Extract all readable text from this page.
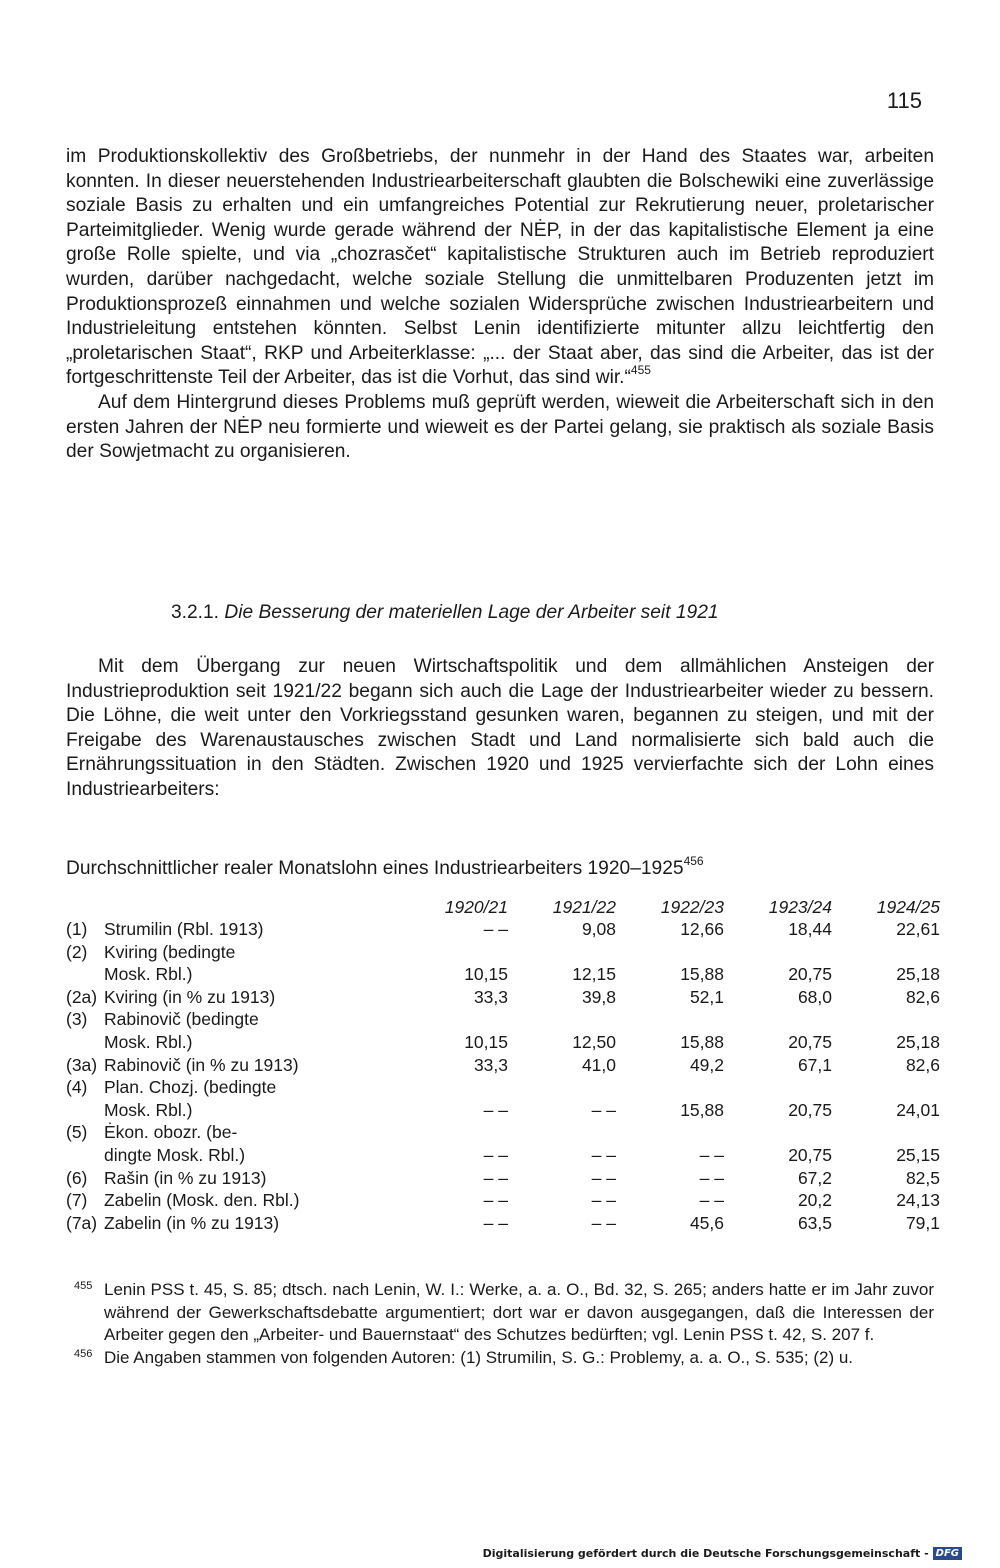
115

im Produktionskollektiv des Großbetriebs, der nunmehr in der Hand des Staates war, arbeiten konnten. In dieser neuerstehenden Industriearbeiterschaft glaubten die Bolschewiki eine zuverlässige soziale Basis zu erhalten und ein umfangreiches Potential zur Rekrutierung neuer, proletarischer Parteimitglieder. Wenig wurde gerade während der NĖP, in der das kapitalistische Element ja eine große Rolle spielte, und via „chozrasčet“ kapitalistische Strukturen auch im Betrieb reproduziert wurden, darüber nachgedacht, welche soziale Stellung die unmittelbaren Produzenten jetzt im Produktionsprozeß einnahmen und welche sozialen Widersprüche zwischen Industriearbeitern und Industrieleitung entstehen könnten. Selbst Lenin identifizierte mitunter allzu leichtfertig den „proletarischen Staat“, RKP und Arbeiterklasse: „... der Staat aber, das sind die Arbeiter, das ist der fortgeschrittenste Teil der Arbeiter, das ist die Vorhut, das sind wir.“$^{455}$

Auf dem Hintergrund dieses Problems muß geprüft werden, wieweit die Arbeiterschaft sich in den ersten Jahren der NĖP neu formierte und wieweit es der Partei gelang, sie praktisch als soziale Basis der Sowjetmacht zu organisieren.

3.2.1. Die Besserung der materiellen Lage der Arbeiter seit 1921

Mit dem Übergang zur neuen Wirtschaftspolitik und dem allmählichen Ansteigen der Industrieproduktion seit 1921/22 begann sich auch die Lage der Industriearbeiter wieder zu bessern. Die Löhne, die weit unter den Vorkriegsstand gesunken waren, begannen zu steigen, und mit der Freigabe des Warenaustausches zwischen Stadt und Land normalisierte sich bald auch die Ernährungssituation in den Städten. Zwischen 1920 und 1925 vervierfachte sich der Lohn eines Industriearbeiters:

Durchschnittlicher realer Monatslohn eines Industriearbeiters 1920–1925$^{456}$
		1920/21	1921/22	1922/23	1923/24	1924/25
(1)	Strumilin (Rbl. 1913)	– –	9,08	12,66	18,44	22,61
(2)	Kviring (bedingte					
	Mosk. Rbl.)	10,15	12,15	15,88	20,75	25,18
(2a)	Kviring (in % zu 1913)	33,3	39,8	52,1	68,0	82,6
(3)	Rabinovič (bedingte					
	Mosk. Rbl.)	10,15	12,50	15,88	20,75	25,18
(3a)	Rabinovič (in % zu 1913)	33,3	41,0	49,2	67,1	82,6
(4)	Plan. Chozj. (bedingte					
	Mosk. Rbl.)	– –	– –	15,88	20,75	24,01
(5)	Ėkon. obozr. (be-					
	dingte Mosk. Rbl.)	– –	– –	– –	20,75	25,15
(6)	Rašin (in % zu 1913)	– –	– –	– –	67,2	82,5
(7)	Zabelin (Mosk. den. Rbl.)	– –	– –	– –	20,2	24,13
(7a)	Zabelin (in % zu 1913)	– –	– –	45,6	63,5	79,1
455 Lenin PSS t. 45, S. 85; dtsch. nach Lenin, W. I.: Werke, a. a. O., Bd. 32, S. 265; anders hatte er im Jahr zuvor während der Gewerkschaftsdebatte argumentiert; dort war er davon ausgegangen, daß die Interessen der Arbeiter gegen den „Arbeiter- und Bauernstaat“ des Schutzes bedürften; vgl. Lenin PSS t. 42, S. 207 f.
456 Die Angaben stammen von folgenden Autoren: (1) Strumilin, S. G.: Problemy, a. a. O., S. 535; (2) u.
Digitalisierung gefördert durch die Deutsche Forschungsgemeinschaft - DFG
